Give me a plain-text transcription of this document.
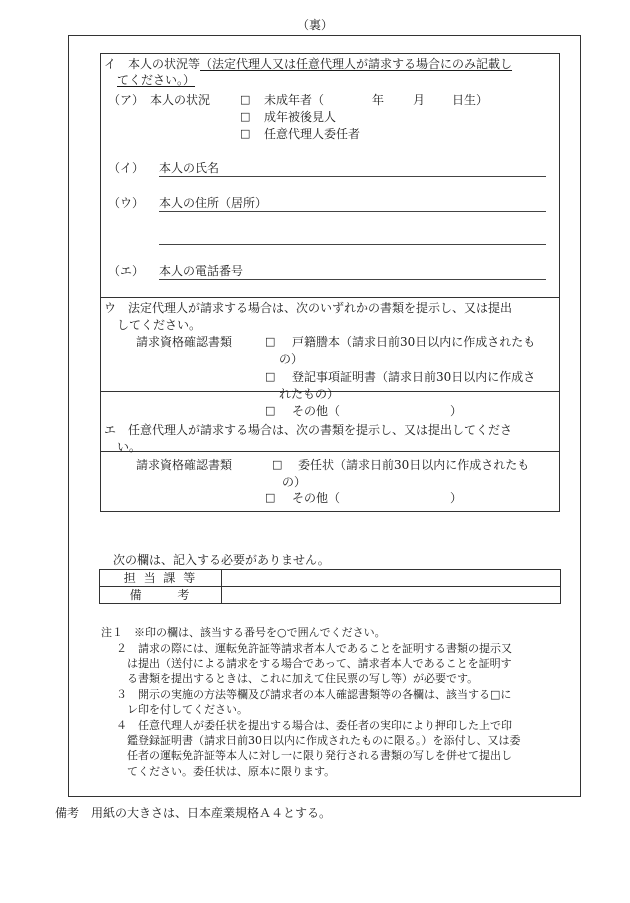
（裏）
イ　本人の状況等（法定代理人又は任意代理人が請求する場合にのみ記載し
てください。）
（ア）　本人の状況	□ 未成年者（	年 月 日生）
□ 成年被後見人
□ 任意代理人委任者
（イ） 本人の氏名
（ウ） 本人の住所（居所）
（エ） 本人の電話番号
ウ　法定代理人が請求する場合は、次のいずれかの書類を提示し、又は提出
してください。
請求資格確認書類	□ 戸籍謄本（請求日前30日以内に作成されたも
の）
□ 登記事項証明書（請求日前30日以内に作成さ
れたもの）
□ その他（	）
エ　任意代理人が請求する場合は、次の書類を提示し、又は提出してくださ
い。
請求資格確認書類	□ 委任状（請求日前30日以内に作成されたも
の）
□ その他（	）
次の欄は、記入する必要がありません。
担 当 課 等	
備　　 考	
注１　※印の欄は、該当する番号を○で囲んでください。
２　請求の際には、運転免許証等請求者本人であることを証明する書類の提示又
は提出（送付による請求をする場合であって、請求者本人であることを証明す
る書類を提出するときは、これに加えて住民票の写し等）が必要です。
３　開示の実施の方法等欄及び請求者の本人確認書類等の各欄は、該当する□に
レ印を付してください。
４　任意代理人が委任状を提出する場合は、委任者の実印により押印した上で印
鑑登録証明書（請求日前30日以内に作成されたものに限る。）を添付し、又は委
任者の運転免許証等本人に対し一に限り発行される書類の写しを併せて提出し
てください。委任状は、原本に限ります。
備考　用紙の大きさは、日本産業規格Ａ４とする。
